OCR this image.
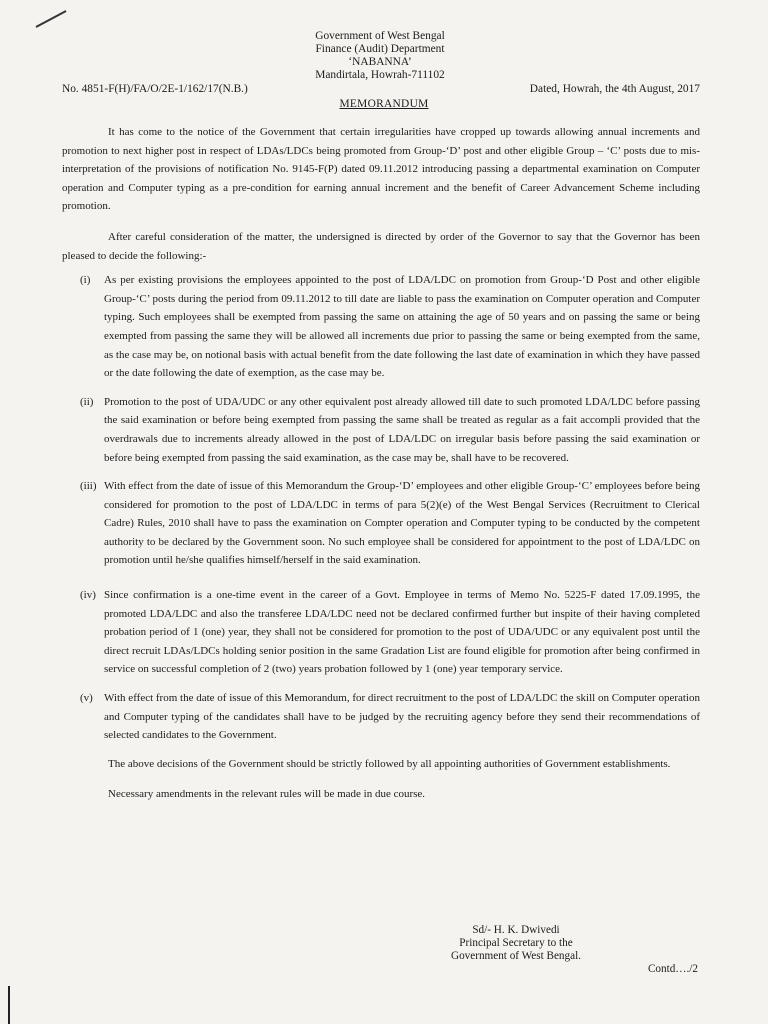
Government of West Bengal
Finance (Audit) Department
‘NABANNA’
Mandirtala, Howrah-711102
No. 4851-F(H)/FA/O/2E-1/162/17(N.B.)	Dated, Howrah, the 4th August, 2017
MEMORANDUM

It has come to the notice of the Government that certain irregularities have cropped up towards allowing annual increments and promotion to next higher post in respect of LDAs/LDCs being promoted from Group-‘D’ post and other eligible Group – ‘C’ posts due to mis-interpretation of the provisions of notification No. 9145-F(P) dated 09.11.2012 introducing passing a departmental examination on Computer operation and Computer typing as a pre-condition for earning annual increment and the benefit of Career Advancement Scheme including promotion.

After careful consideration of the matter, the undersigned is directed by order of the Governor to say that the Governor has been pleased to decide the following:-

(i) As per existing provisions the employees appointed to the post of LDA/LDC on promotion from Group-‘D Post and other eligible Group-‘C’ posts during the period from 09.11.2012 to till date are liable to pass the examination on Computer operation and Computer typing. Such employees shall be exempted from passing the same on attaining the age of 50 years and on passing the same or being exempted from passing the same they will be allowed all increments due prior to passing the same or being exempted from the same, as the case may be, on notional basis with actual benefit from the date following the last date of examination in which they have passed or the date following the date of exemption, as the case may be.
(ii) Promotion to the post of UDA/UDC or any other equivalent post already allowed till date to such promoted LDA/LDC before passing the said examination or before being exempted from passing the same shall be treated as regular as a fait accompli provided that the overdrawals due to increments already allowed in the post of LDA/LDC on irregular basis before passing the said examination or before being exempted from passing the said examination, as the case may be, shall have to be recovered.
(iii) With effect from the date of issue of this Memorandum the Group-‘D’ employees and other eligible Group-‘C’ employees before being considered for promotion to the post of LDA/LDC in terms of para 5(2)(e) of the West Bengal Services (Recruitment to Clerical Cadre) Rules, 2010 shall have to pass the examination on Compter operation and Computer typing to be conducted by the competent authority to be declared by the Government soon. No such employee shall be considered for appointment to the post of LDA/LDC on promotion until he/she qualifies himself/herself in the said examination.
(iv) Since confirmation is a one-time event in the career of a Govt. Employee in terms of Memo No. 5225-F dated 17.09.1995, the promoted LDA/LDC and also the transferee LDA/LDC need not be declared confirmed further but inspite of their having completed probation period of 1 (one) year, they shall not be considered for promotion to the post of UDA/UDC or any equivalent post until the direct recruit LDAs/LDCs holding senior position in the same Gradation List are found eligible for promotion after being confirmed in service on successful completion of 2 (two) years probation followed by 1 (one) year temporary service.
(v) With effect from the date of issue of this Memorandum, for direct recruitment to the post of LDA/LDC the skill on Computer operation and Computer typing of the candidates shall have to be judged by the recruiting agency before they send their recommendations of selected candidates to the Government.

The above decisions of the Government should be strictly followed by all appointing authorities of Government establishments.

Necessary amendments in the relevant rules will be made in due course.

Sd/- H. K. Dwivedi
Principal Secretary to the
Government of West Bengal.
Contd…./2
